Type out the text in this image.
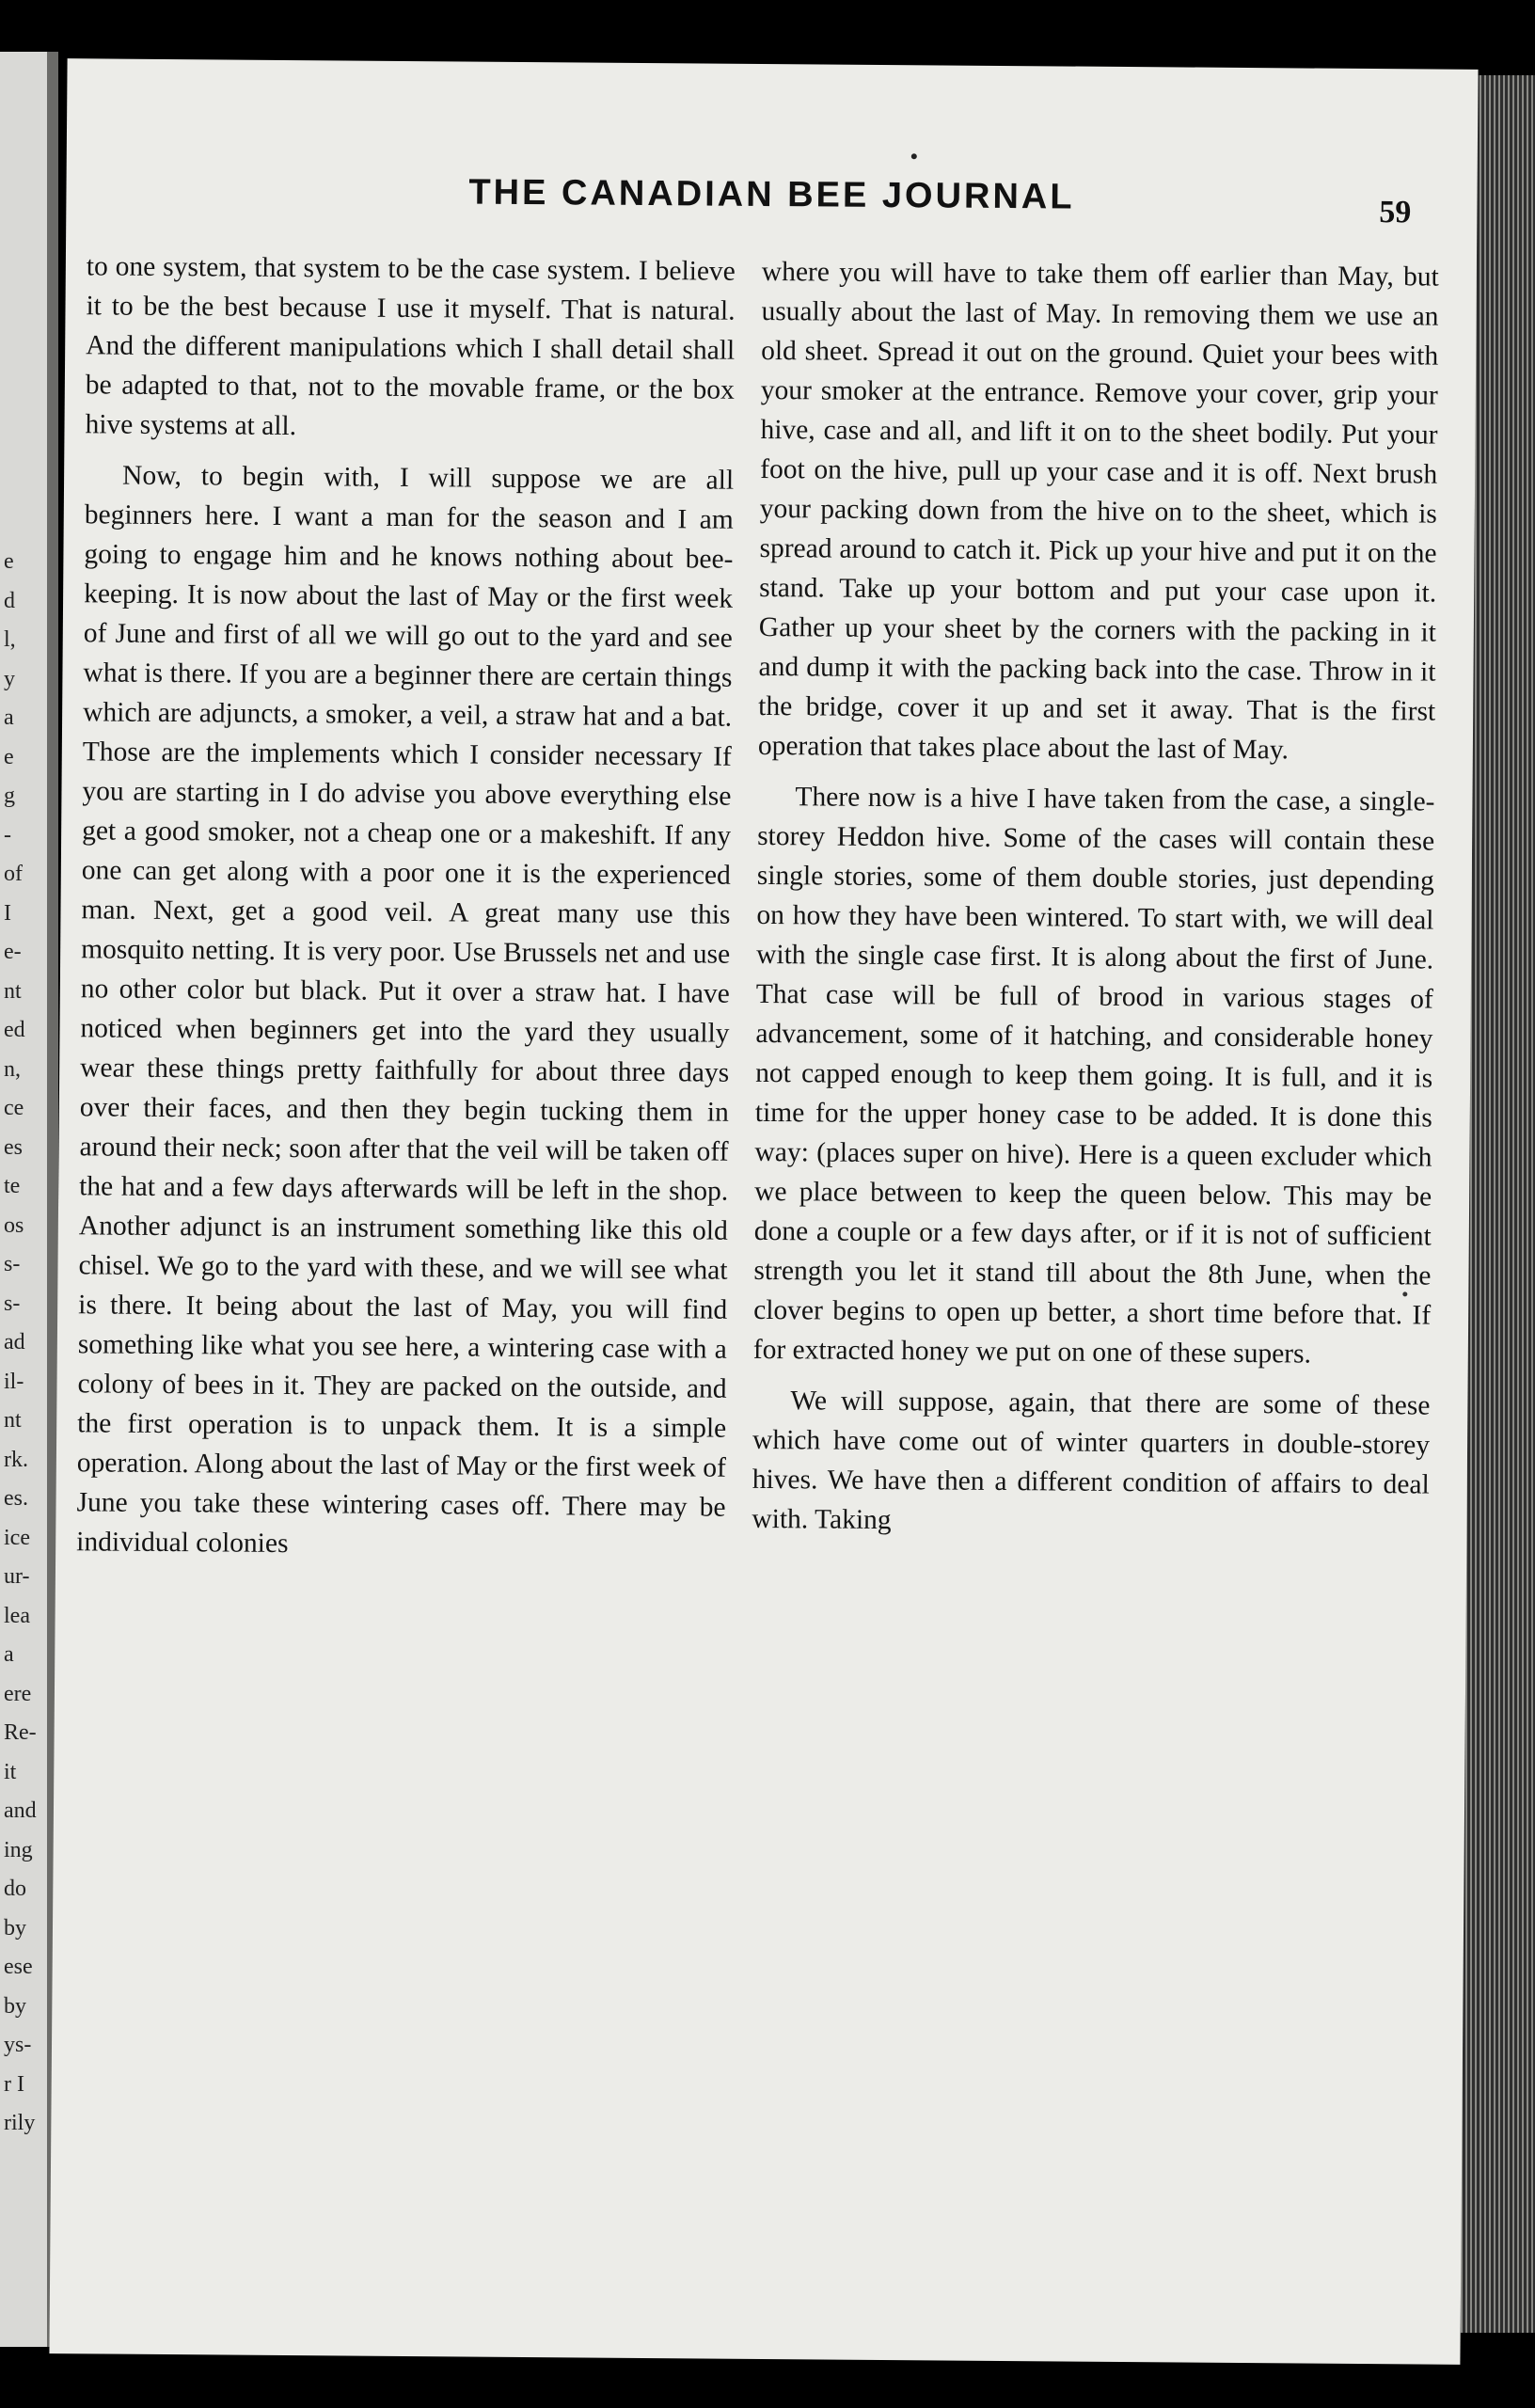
e
d
l,
y
a
e
g
-
of
I
e-
nt
ed
n,
ce
es
te
os
s-
s-
ad
il-
nt
rk.
es.
ice
ur-
lea
a
ere
Re-
it
and
ing
do
by
ese
by
ys-
r I
rily
THE CANADIAN BEE JOURNAL	59

to one system, that system to be the case system. I believe it to be the best because I use it myself. That is natural. And the different manipulations which I shall detail shall be adapted to that, not to the movable frame, or the box hive systems at all.

Now, to begin with, I will suppose we are all beginners here. I want a man for the season and I am going to engage him and he knows nothing about bee-keeping. It is now about the last of May or the first week of June and first of all we will go out to the yard and see what is there. If you are a beginner there are certain things which are adjuncts, a smoker, a veil, a straw hat and a bat. Those are the implements which I consider necessary If you are starting in I do advise you above everything else get a good smoker, not a cheap one or a makeshift. If any one can get along with a poor one it is the experienced man. Next, get a good veil. A great many use this mosquito netting. It is very poor. Use Brussels net and use no other color but black. Put it over a straw hat. I have noticed when beginners get into the yard they usually wear these things pretty faithfully for about three days over their faces, and then they begin tucking them in around their neck; soon after that the veil will be taken off the hat and a few days afterwards will be left in the shop. Another adjunct is an instrument something like this old chisel. We go to the yard with these, and we will see what is there. It being about the last of May, you will find something like what you see here, a wintering case with a colony of bees in it. They are packed on the outside, and the first operation is to unpack them. It is a simple operation. Along about the last of May or the first week of June you take these wintering cases off. There may be individual colonies

where you will have to take them off earlier than May, but usually about the last of May. In removing them we use an old sheet. Spread it out on the ground. Quiet your bees with your smoker at the entrance. Remove your cover, grip your hive, case and all, and lift it on to the sheet bodily. Put your foot on the hive, pull up your case and it is off. Next brush your packing down from the hive on to the sheet, which is spread around to catch it. Pick up your hive and put it on the stand. Take up your bottom and put your case upon it. Gather up your sheet by the corners with the packing in it and dump it with the packing back into the case. Throw in it the bridge, cover it up and set it away. That is the first operation that takes place about the last of May.

There now is a hive I have taken from the case, a single-storey Heddon hive. Some of the cases will contain these single stories, some of them double stories, just depending on how they have been wintered. To start with, we will deal with the single case first. It is along about the first of June. That case will be full of brood in various stages of advancement, some of it hatching, and considerable honey not capped enough to keep them going. It is full, and it is time for the upper honey case to be added. It is done this way: (places super on hive). Here is a queen excluder which we place between to keep the queen below. This may be done a couple or a few days after, or if it is not of sufficient strength you let it stand till about the 8th June, when the clover begins to open up better, a short time before that. If for extracted honey we put on one of these supers.

We will suppose, again, that there are some of these which have come out of winter quarters in double-storey hives. We have then a different condition of affairs to deal with. Taking
